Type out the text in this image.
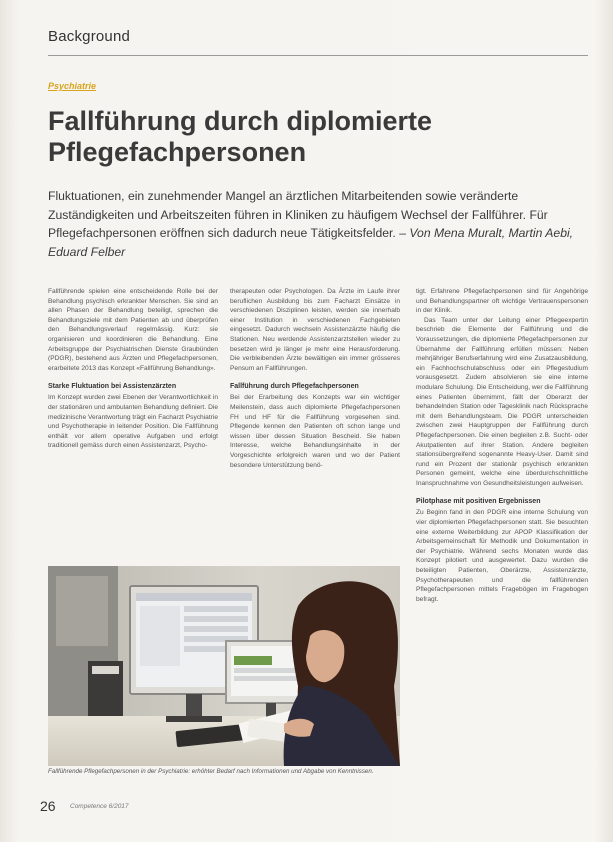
Background
Psychiatrie
Fallführung durch diplomierte Pflegefachpersonen

Fluktuationen, ein zunehmender Mangel an ärztlichen Mitarbeitenden sowie veränderte Zuständigkeiten und Arbeitszeiten führen in Kliniken zu häufigem Wechsel der Fallführer. Für Pflegefachpersonen eröffnen sich dadurch neue Tätigkeitsfelder. – Von Mena Muralt, Martin Aebi, Eduard Felber

Fallführende spielen eine entscheidende Rolle bei der Behandlung psychisch erkrankter Menschen. Sie sind an allen Phasen der Behandlung beteiligt, sprechen die Behandlungsziele mit dem Patienten ab und überprüfen den Behandlungsverlauf regelmässig. Kurz: sie organisieren und koordinieren die Behandlung. Eine Arbeitsgruppe der Psychiatrischen Dienste Graubünden (PDGR), bestehend aus Ärzten und Pflegefachpersonen, erarbeitete 2013 das Konzept «Fallführung Behandlung».

Starke Fluktuation bei Assistenzärzten

Im Konzept wurden zwei Ebenen der Verantwortlichkeit in der stationären und ambulanten Behandlung definiert. Die medizinische Verantwortung trägt ein Facharzt Psychiatrie und Psychotherapie in leitender Position. Die Fallführung enthält vor allem operative Aufgaben und erfolgt traditionell gemäss durch einen Assistenzarzt, Psycho-

therapeuten oder Psychologen. Da Ärzte im Laufe ihrer beruflichen Ausbildung bis zum Facharzt Einsätze in verschiedenen Disziplinen leisten, werden sie innerhalb einer Institution in verschiedenen Fachgebieten eingesetzt. Dadurch wechseln Assistenzärzte häufig die Stationen. Neu werdende Assistenzarztstellen wieder zu besetzen wird je länger je mehr eine Herausforderung. Die verbleibenden Ärzte bewältigen ein immer grösseres Pensum an Fallführungen.

Fallführung durch Pflegefachpersonen

Bei der Erarbeitung des Konzepts war ein wichtiger Meilenstein, dass auch diplomierte Pflegefachpersonen FH und HF für die Fallführung vorgesehen sind. Pflegende kennen den Patienten oft schon lange und wissen über dessen Situation Bescheid. Sie haben Interesse, welche Behandlungsinhalte in der Vorgeschichte erfolgreich waren und wo der Patient besondere Unterstützung benö-

tigt. Erfahrene Pflegefachpersonen sind für Angehörige und Behandlungspartner oft wichtige Vertrauenspersonen in der Klinik.

Das Team unter der Leitung einer Pflegeexpertin beschrieb die Elemente der Fallführung und die Voraussetzungen, die diplomierte Pflegefachpersonen zur Übernahme der Fallführung erfüllen müssen: Neben mehrjähriger Berufserfahrung wird eine Zusatzausbildung, ein Fachhochschulabschluss oder ein Pflegestudium vorausgesetzt. Zudem absolvieren sie eine interne modulare Schulung. Die Entscheidung, wer die Fallführung eines Patienten übernimmt, fällt der Oberarzt der behandelnden Station oder Tagesklinik nach Rücksprache mit dem Behandlungsteam. Die PDGR unterscheiden zwischen zwei Hauptgruppen der Fallführung durch Pflegefachpersonen. Die einen begleiten z.B. Sucht- oder Akutpatienten auf ihrer Station. Andere begleiten stationsübergreifend sogenannte Heavy-User. Damit sind rund ein Prozent der stationär psychisch erkrankten Personen gemeint, welche eine überdurchschnittliche Inanspruchnahme von Gesundheitsleistungen aufweisen.

Pilotphase mit positiven Ergebnissen

Zu Beginn fand in den PDGR eine interne Schulung von vier diplomierten Pflegefachpersonen statt. Sie besuchten eine externe Weiterbildung zur APOP Klassifikation der Arbeitsgemeinschaft für Methodik und Dokumentation in der Psychiatrie. Während sechs Monaten wurde das Konzept pilotiert und ausgewertet. Dazu wurden die beteiligten Patienten, Oberärzte, Assistenzärzte, Psychotherapeuten und die fallführenden Pflegefachpersonen mittels Fragebögen im Fragebogen befragt.

Fallführende Pflegefachpersonen in der Psychiatrie: erhöhter Bedarf nach Informationen und Abgabe von Kenntnissen.
26 Competence 6/2017
